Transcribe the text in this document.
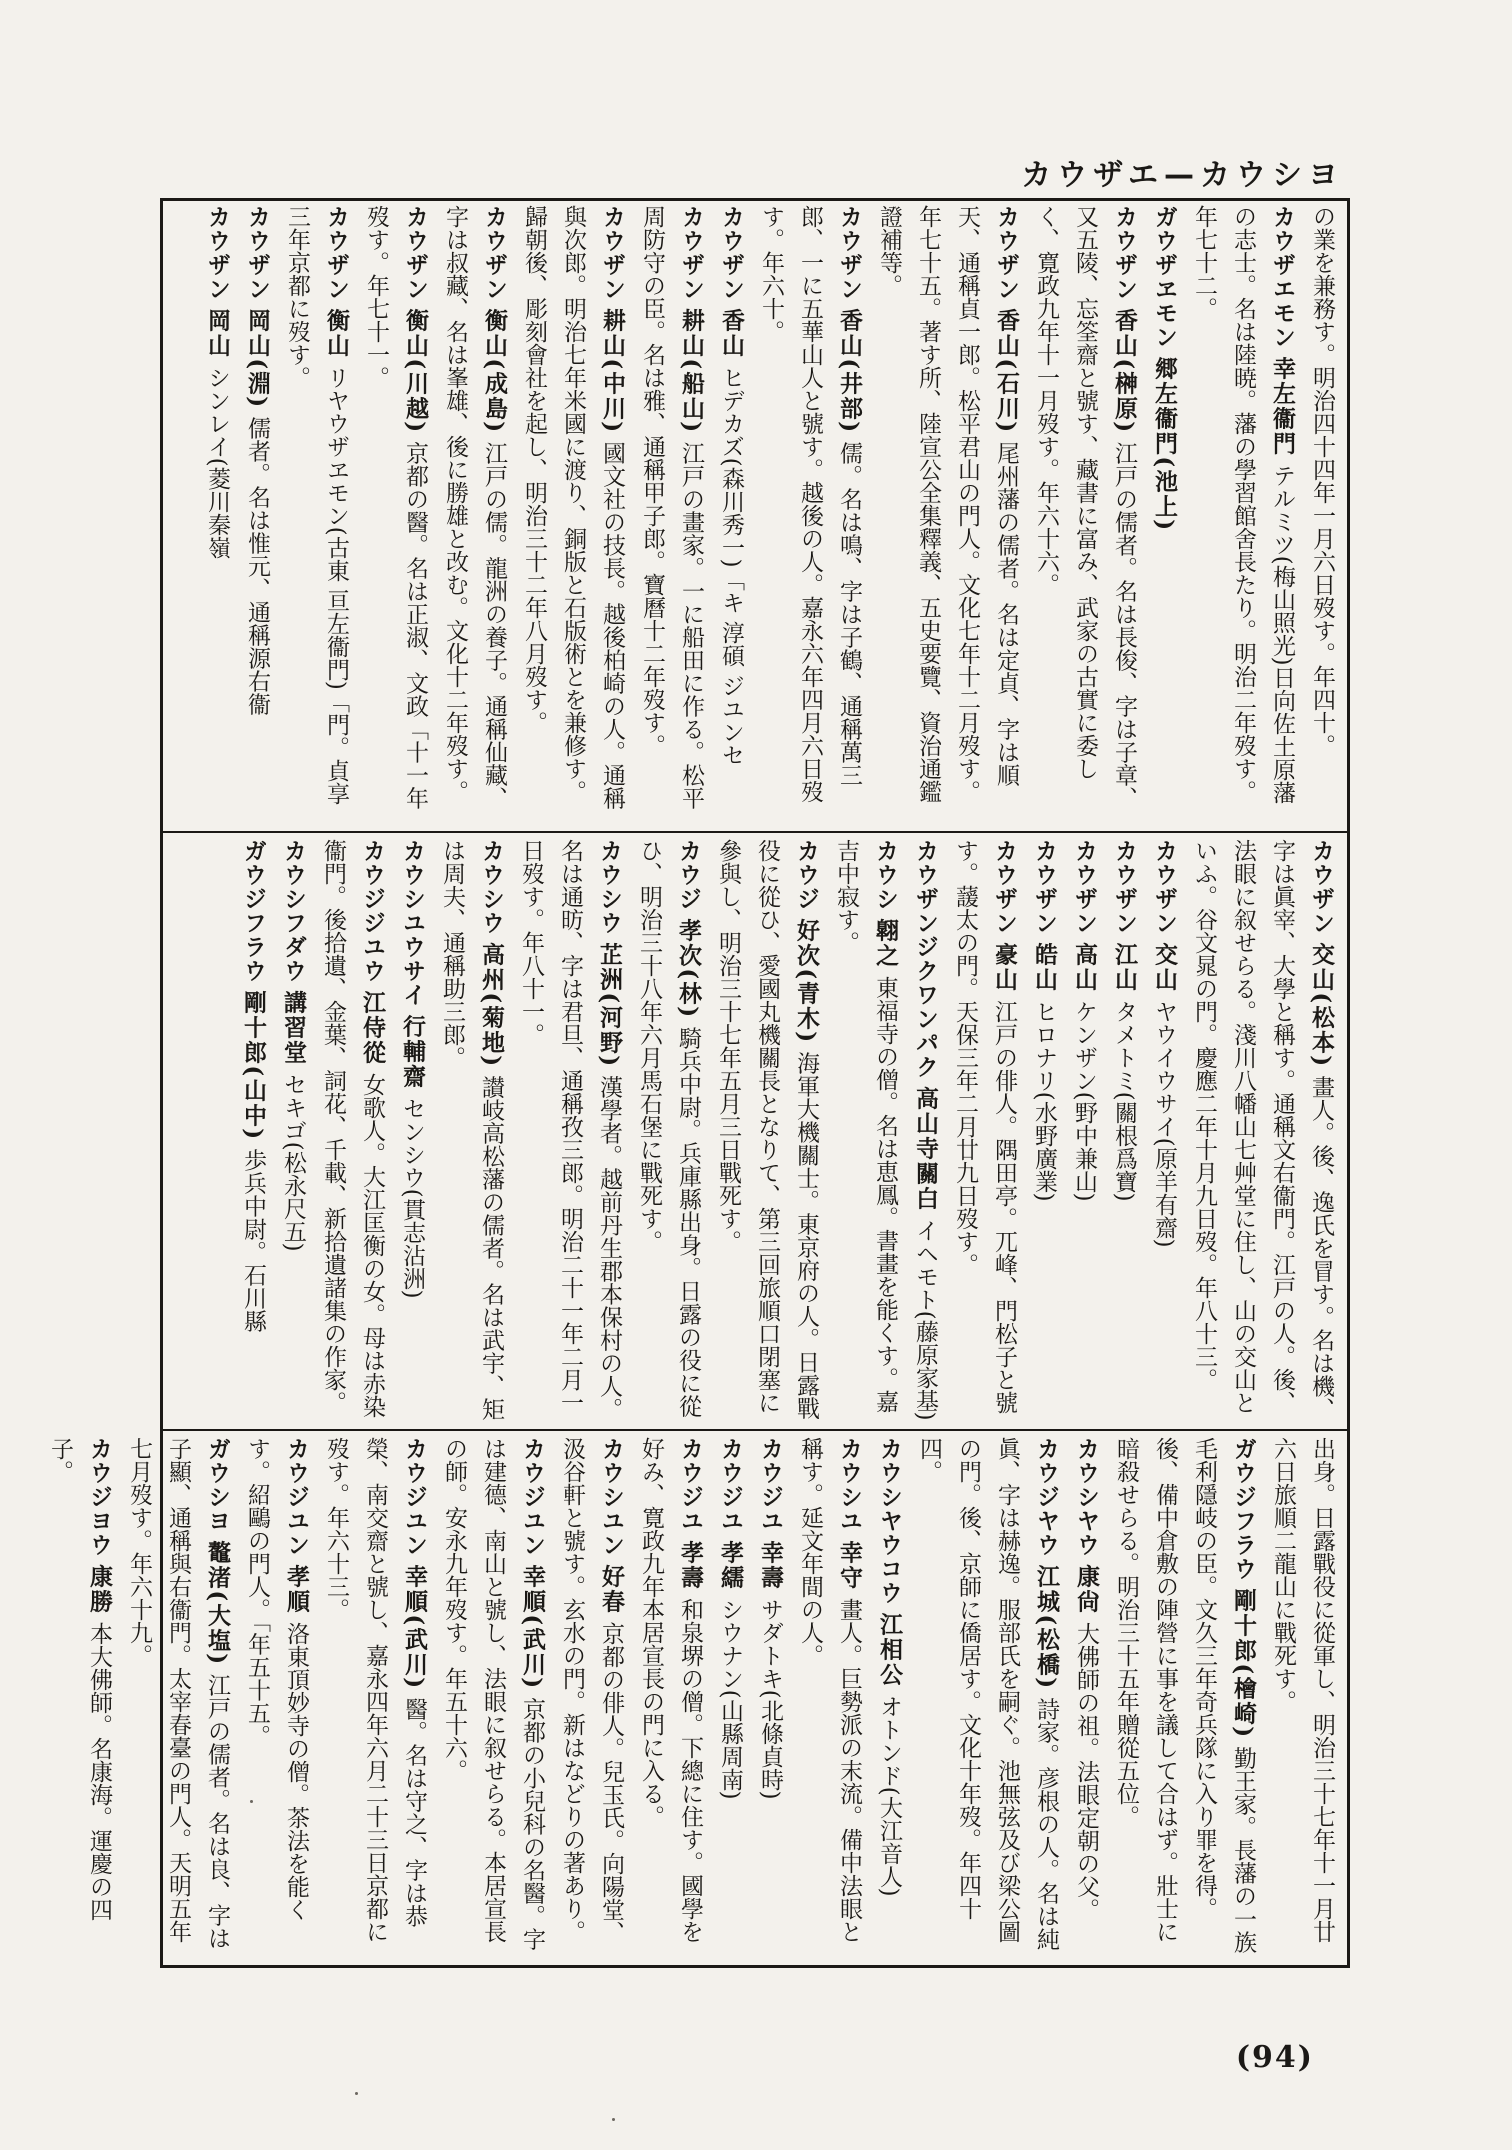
カウザエ—カウシヨ

の業を兼務す。明治四十四年一月六日歿す。年四十。

カウザエモン 幸左衞門 テルミツ(梅山照光)日向佐土原藩の志士。名は陸暁。藩の學習館舍長たり。明治二年歿す。年七十二。

ガウザヱモン 郷左衞門(池上)

カウザン 香山(榊原) 江戸の儒者。名は長俊、字は子章、又五陵、忘筌齋と號す、藏書に富み、武家の古實に委しく、寛政九年十一月歿す。年六十六。

カウザン 香山(石川) 尾州藩の儒者。名は定貞、字は順天、通稱貞一郎。松平君山の門人。文化七年十二月歿す。年七十五。著す所、陸宣公全集釋義、五史要覽、資治通鑑證補等。

カウザン 香山(井部) 儒。名は鳴、字は子鶴、通稱萬三郎、一に五華山人と號す。越後の人。嘉永六年四月六日歿す。年六十。

カウザン 香山 ヒデカズ(森川秀一)「キ 淳碩 ジユンセ

カウザン 耕山(船山) 江戸の畫家。一に船田に作る。松平周防守の臣。名は雅、通稱甲子郎。寶曆十二年歿す。

カウザン 耕山(中川) 國文社の技長。越後柏崎の人。通稱與次郎。明治七年米國に渡り、銅版と石版術とを兼修す。歸朝後、彫刻會社を起し、明治三十二年八月歿す。

カウザン 衡山(成島) 江戸の儒。龍洲の養子。通稱仙藏、字は叔藏、名は峯雄、後に勝雄と改む。文化十二年歿す。

カウザン 衡山(川越) 京都の醫。名は正淑、文政「十一年歿す。年七十一。

カウザン 衡山 リヤウザヱモン(古東 亘左衞門)「門。貞享三年京都に歿す。

カウザン 岡山(淵) 儒者。名は惟元、通稱源右衞

カウザン 岡山 シンレイ(菱川秦嶺

カウザン 交山(松本) 畫人。後、逸氏を冒す。名は機、字は眞宰、大學と稱す。通稱文右衞門。江戸の人。後、法眼に叙せらる。淺川八幡山七艸堂に住し、山の交山といふ。谷文晁の門。慶應二年十月九日歿。年八十三。

カウザン 交山 ヤウイウサイ(原羊有齋)

カウザン 江山 タメトミ(關根爲寶)

カウザン 高山 ケンザン(野中兼山)

カウザン 皓山 ヒロナリ(水野廣業)

カウザン 豪山 江戸の俳人。隅田亭。兀峰、門松子と號す。蘐太の門。天保三年二月廿九日歿す。

カウザンジクワンパク 高山寺關白 イヘモト(藤原家基)

カウシ 翺之 東福寺の僧。名は恵鳳。書畫を能くす。嘉吉中寂す。

カウジ 好次(青木) 海軍大機關士。東京府の人。日露戰役に從ひ、愛國丸機關長となりて、第三回旅順口閉塞に參與し、明治三十七年五月三日戰死す。

カウジ 孝次(林) 騎兵中尉。兵庫縣出身。日露の役に從ひ、明治三十八年六月馬石堡に戰死す。

カウシウ 芷洲(河野) 漢學者。越前丹生郡本保村の人。名は通昉、字は君旦、通稱孜三郎。明治二十一年二月一日歿す。年八十一。

カウシウ 高州(菊地) 讃岐高松藩の儒者。名は武宇、矩は周夫、通稱助三郎。

カウシユウサイ 行輔齋 センシウ(貫志沾洲)

カウジジユウ 江侍從 女歌人。大江匡衡の女。母は赤染衞門。後拾遺、金葉、詞花、千載、新拾遺諸集の作家。

カウシフダウ 講習堂 セキゴ(松永尺五)

ガウジフラウ 剛十郎(山中) 歩兵中尉。石川縣

出身。日露戰役に從軍し、明治三十七年十一月廿六日旅順二龍山に戰死す。

ガウジフラウ 剛十郎(檜崎) 勤王家。長藩の一族毛利隱岐の臣。文久三年奇兵隊に入り罪を得。後、備中倉敷の陣營に事を議して合はず。壯士に暗殺せらる。明治三十五年贈從五位。

カウシヤウ 康尙 大佛師の祖。法眼定朝の父。

カウジヤウ 江城(松橋) 詩家。彦根の人。名は純眞、字は赫逸。服部氏を嗣ぐ。池無弦及び梁公圖の門。後、京師に僑居す。文化十年歿。年四十四。

カウシヤウコウ 江相公 オトンド(大江音人)

カウシユ 幸守 畫人。巨勢派の末流。備中法眼と稱す。延文年間の人。

カウジユ 幸壽 サダトキ(北條貞時)

カウジユ 孝繻 シウナン(山縣周南)

カウジユ 孝壽 和泉堺の僧。下總に住す。國學を好み、寛政九年本居宣長の門に入る。

カウシユン 好春 京都の俳人。兒玉氏。向陽堂、汲谷軒と號す。玄水の門。新はなどりの著あり。

カウジユン 幸順(武川) 京都の小兒科の名醫。字は建德、南山と號し、法眼に叙せらる。本居宣長の師。安永九年歿す。年五十六。

カウジユン 幸順(武川) 醫。名は守之、字は恭榮、南交齋と號し、嘉永四年六月二十三日京都に歿す。年六十三。

カウジユン 孝順 洛東頂妙寺の僧。茶法を能くす。紹鷗の門人。「年五十五。

ガウシヨ 鼇渚(大塩) 江戸の儒者。名は良、字は子顯、通稱與右衞門。太宰春臺の門人。天明五年七月歿す。年六十九。

カウジヨウ 康勝 本大佛師。名康海。運慶の四子。

(94)
